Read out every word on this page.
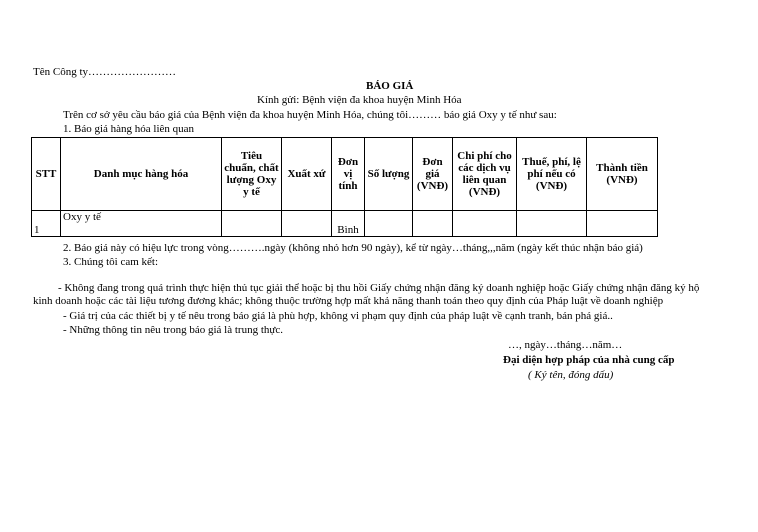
Tên Công ty……………………
BÁO GIÁ
Kính gửi: Bệnh viện đa khoa huyện Minh Hóa
Trên cơ sở yêu cầu báo giá của Bệnh viện đa khoa huyện Minh Hóa, chúng tôi……… báo giá Oxy y tế như sau:
1. Báo giá hàng hóa liên quan
STT	Danh mục hàng hóa	Tiêu chuẩn, chất lượng Oxy y tế	Xuất xứ	Đơn vị tính	Số lượng	Đơn giá (VNĐ)	Chi phí cho các dịch vụ liên quan (VNĐ)	Thuế, phí, lệ phí nếu có (VNĐ)	Thành tiền (VNĐ)
1	Oxy y tế			Bình					
2. Báo giá này có hiệu lực trong vòng……….ngày (không nhỏ hơn 90 ngày), kể từ ngày…tháng,,,năm (ngày kết thúc nhận báo giá)
3. Chúng tôi cam kết:
- Không đang trong quá trình thực hiện thủ tục giải thể hoặc bị thu hồi Giấy chứng nhận đăng ký doanh nghiệp hoặc Giấy chứng nhận đăng ký hộ
kinh doanh hoặc các tài liệu tương đương khác; không thuộc trường hợp mất khả năng thanh toán theo quy định của Pháp luật về doanh nghiệp
- Giá trị của các thiết bị y tế nêu trong báo giá là phù hợp, không vi phạm quy định của pháp luật về cạnh tranh, bán phá giá..
- Những thông tin nêu trong báo giá là trung thực.
…, ngày…tháng…năm…
Đại diện hợp pháp của nhà cung cấp
( Ký tên, đóng dấu)
